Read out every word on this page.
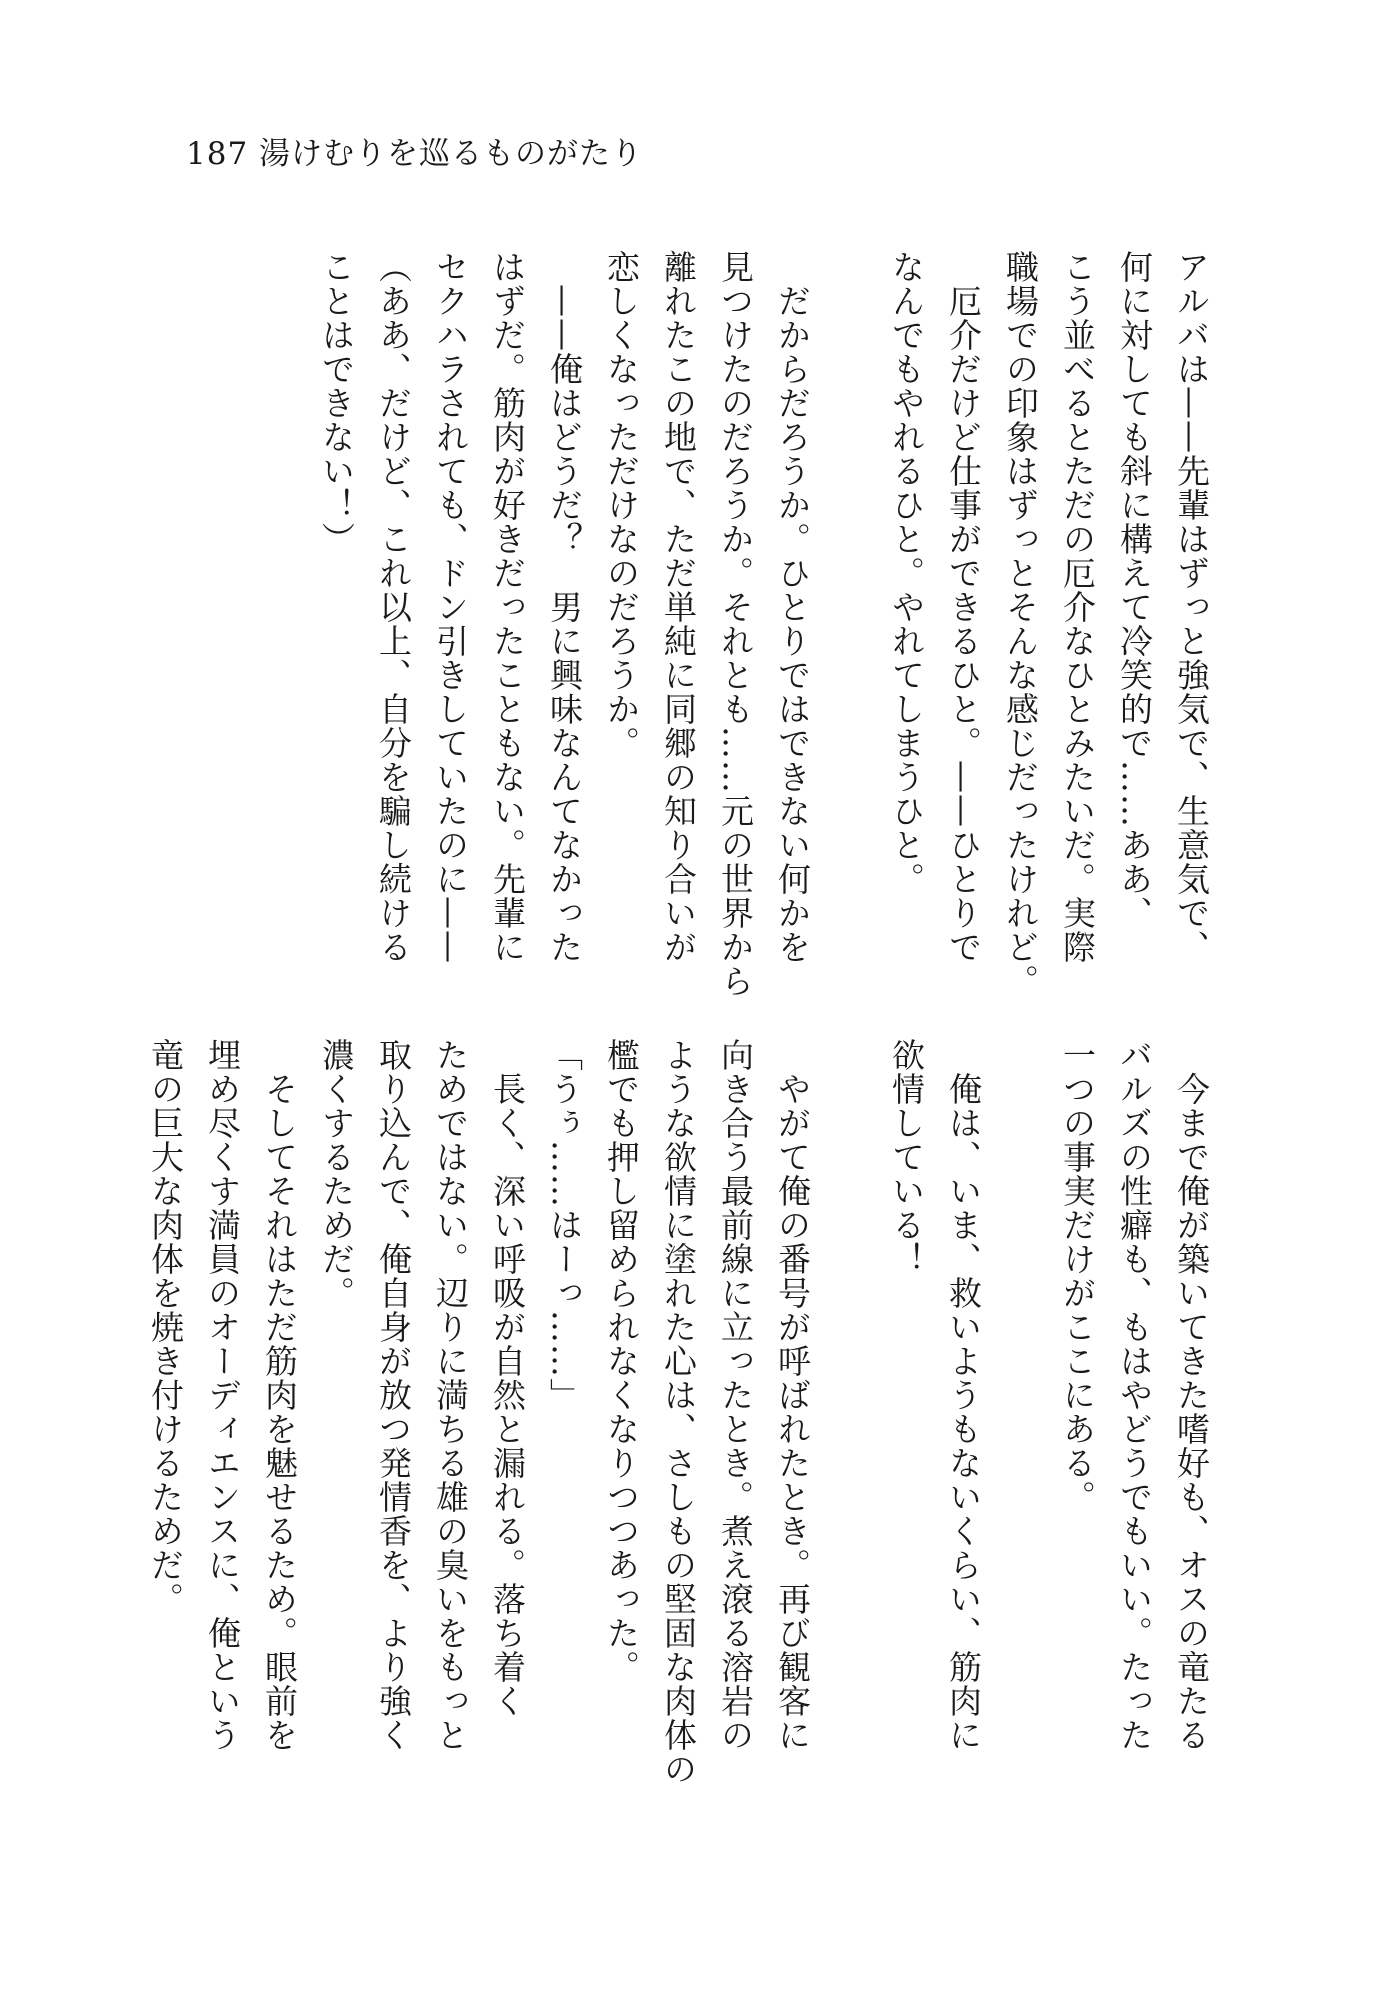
187 湯けむりを巡るものがたり
アルバは——先輩はずっと強気で、生意気で、
何に対しても斜に構えて冷笑的で……ああ、
こう並べるとただの厄介なひとみたいだ。実際
職場での印象はずっとそんな感じだったけれど。
　厄介だけど仕事ができるひと。——ひとりで
なんでもやれるひと。やれてしまうひと。
　だからだろうか。ひとりではできない何かを
見つけたのだろうか。それとも……元の世界から
離れたこの地で、ただ単純に同郷の知り合いが
恋しくなっただけなのだろうか。
　——俺はどうだ？　男に興味なんてなかった
はずだ。筋肉が好きだったこともない。先輩に
セクハラされても、ドン引きしていたのに——
（ああ、だけど、これ以上、自分を騙し続ける
ことはできない！）
　今まで俺が築いてきた嗜好も、オスの竜たる
バルズの性癖も、もはやどうでもいい。たった
一つの事実だけがここにある。
　俺は、いま、救いようもないくらい、筋肉に
欲情している！
　やがて俺の番号が呼ばれたとき。再び観客に
向き合う最前線に立ったとき。煮え滾る溶岩の
ような欲情に塗れた心は、さしもの堅固な肉体の
檻でも押し留められなくなりつつあった。
「うぅ……はーっ……」
　長く、深い呼吸が自然と漏れる。落ち着く
ためではない。辺りに満ちる雄の臭いをもっと
取り込んで、俺自身が放つ発情香を、より強く
濃くするためだ。
　そしてそれはただ筋肉を魅せるため。眼前を
埋め尽くす満員のオーディエンスに、俺という
竜の巨大な肉体を焼き付けるためだ。
